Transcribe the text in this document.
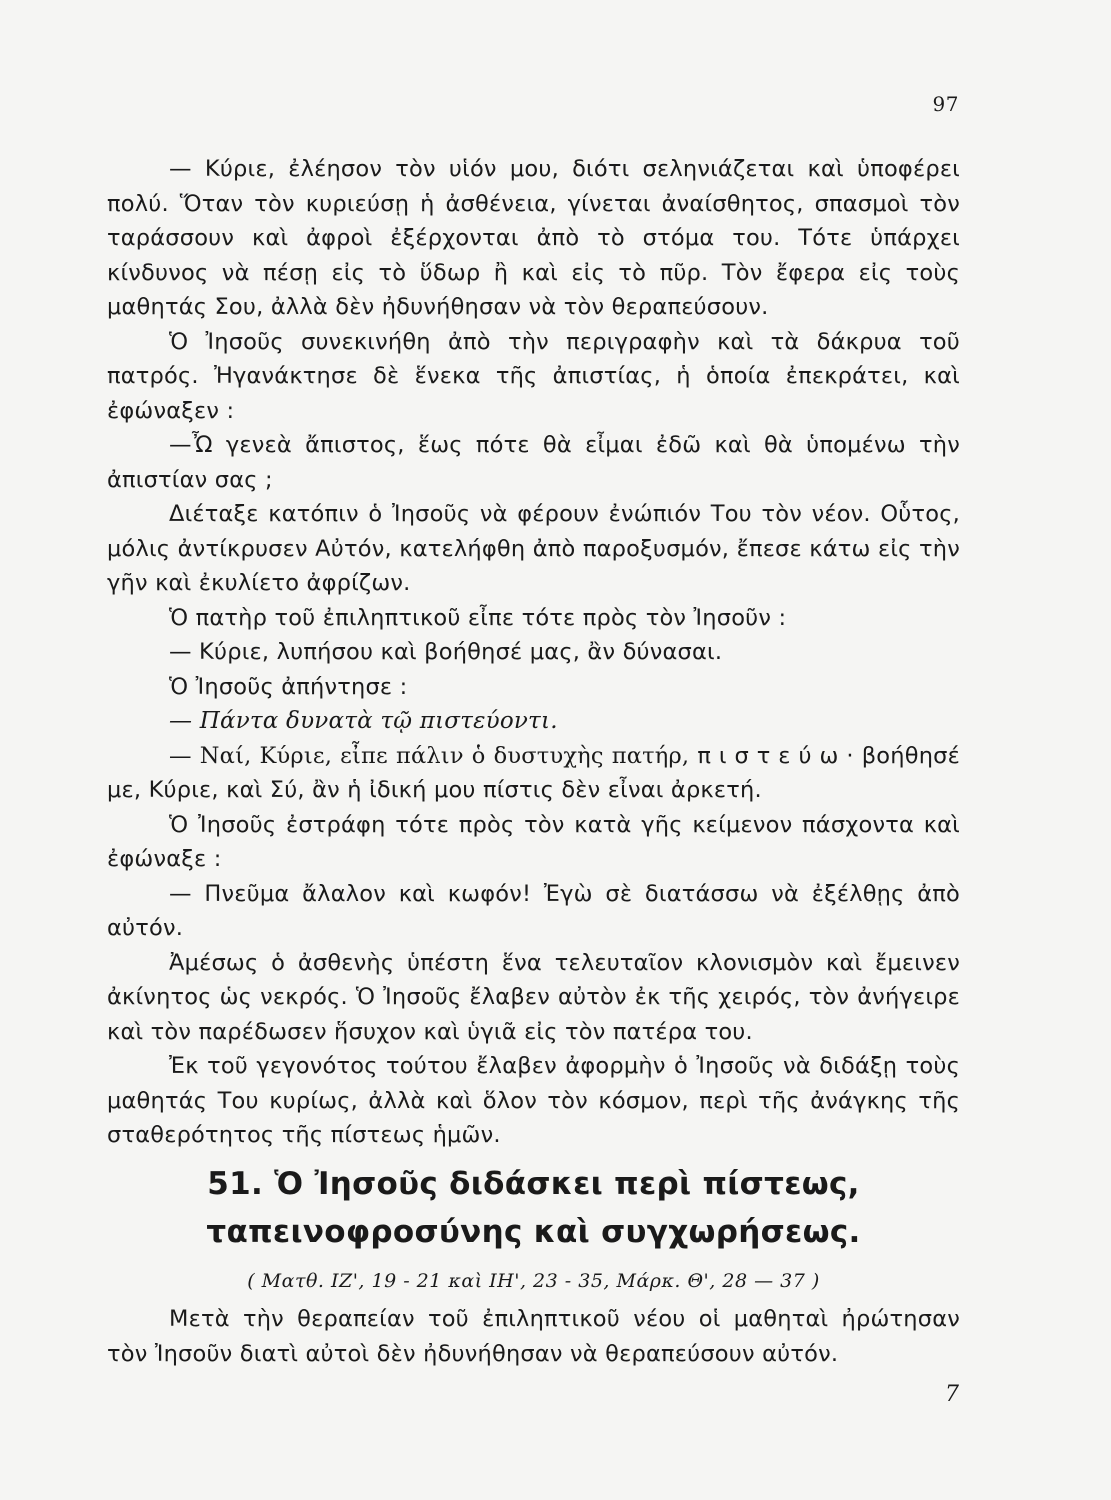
97

— Κύριε, ἐλέησον τὸν υἱόν μου, διότι σεληνιάζεται καὶ ὑποφέρει πολύ. Ὅταν τὸν κυριεύσῃ ἡ ἀσθένεια, γίνεται ἀναίσθητος, σπασμοὶ τὸν ταράσσουν καὶ ἀφροὶ ἐξέρχονται ἀπὸ τὸ στόμα του. Τότε ὑπάρχει κίνδυνος νὰ πέσῃ εἰς τὸ ὕδωρ ἢ καὶ εἰς τὸ πῦρ. Τὸν ἔφερα εἰς τοὺς μαθητάς Σου, ἀλλὰ δὲν ἠδυνήθησαν νὰ τὸν θεραπεύσουν.

Ὁ Ἰησοῦς συνεκινήθη ἀπὸ τὴν περιγραφὴν καὶ τὰ δάκρυα τοῦ πατρός. Ἠγανάκτησε δὲ ἕνεκα τῆς ἀπιστίας, ἡ ὁποία ἐπεκράτει, καὶ ἐφώναξεν :

—Ὦ γενεὰ ἄπιστος, ἕως πότε θὰ εἶμαι ἐδῶ καὶ θὰ ὑπομένω τὴν ἀπιστίαν σας ;

Διέταξε κατόπιν ὁ Ἰησοῦς νὰ φέρουν ἐνώπιόν Του τὸν νέον. Οὗτος, μόλις ἀντίκρυσεν Αὐτόν, κατελήφθη ἀπὸ παροξυσμόν, ἔπεσε κάτω εἰς τὴν γῆν καὶ ἐκυλίετο ἀφρίζων.

Ὁ πατὴρ τοῦ ἐπιληπτικοῦ εἶπε τότε πρὸς τὸν Ἰησοῦν :

— Κύριε, λυπήσου καὶ βοήθησέ μας, ἂν δύνασαι.

Ὁ Ἰησοῦς ἀπήντησε :

— Πάντα δυνατὰ τῷ πιστεύοντι.

— Ναί, Κύριε, εἶπε πάλιν ὁ δυστυχὴς πατήρ, πιστεύω· βοήθησέ με, Κύριε, καὶ Σύ, ἂν ἡ ἰδική μου πίστις δὲν εἶναι ἀρκετή.

Ὁ Ἰησοῦς ἐστράφη τότε πρὸς τὸν κατὰ γῆς κείμενον πάσχοντα καὶ ἐφώναξε :

— Πνεῦμα ἄλαλον καὶ κωφόν! Ἐγὼ σὲ διατάσσω νὰ ἐξέλθῃς ἀπὸ αὐτόν.

Ἀμέσως ὁ ἀσθενὴς ὑπέστη ἕνα τελευταῖον κλονισμὸν καὶ ἔμεινεν ἀκίνητος ὡς νεκρός. Ὁ Ἰησοῦς ἔλαβεν αὐτὸν ἐκ τῆς χειρός, τὸν ἀνήγειρε καὶ τὸν παρέδωσεν ἥσυχον καὶ ὑγιᾶ εἰς τὸν πατέρα του.

Ἐκ τοῦ γεγονότος τούτου ἔλαβεν ἀφορμὴν ὁ Ἰησοῦς νὰ διδάξῃ τοὺς μαθητάς Του κυρίως, ἀλλὰ καὶ ὅλον τὸν κόσμον, περὶ τῆς ἀνάγκης τῆς σταθερότητος τῆς πίστεως ἡμῶν.

51. Ὁ Ἰησοῦς διδάσκει περὶ πίστεως,
ταπεινοφροσύνης καὶ συγχωρήσεως.
( Ματθ. ΙΖ', 19 - 21 καὶ ΙΗ', 23 - 35, Μάρκ. Θ', 28 — 37 )

Μετὰ τὴν θεραπείαν τοῦ ἐπιληπτικοῦ νέου οἱ μαθηταὶ ἠρώτησαν τὸν Ἰησοῦν διατὶ αὐτοὶ δὲν ἠδυνήθησαν νὰ θεραπεύσουν αὐτόν.

7
